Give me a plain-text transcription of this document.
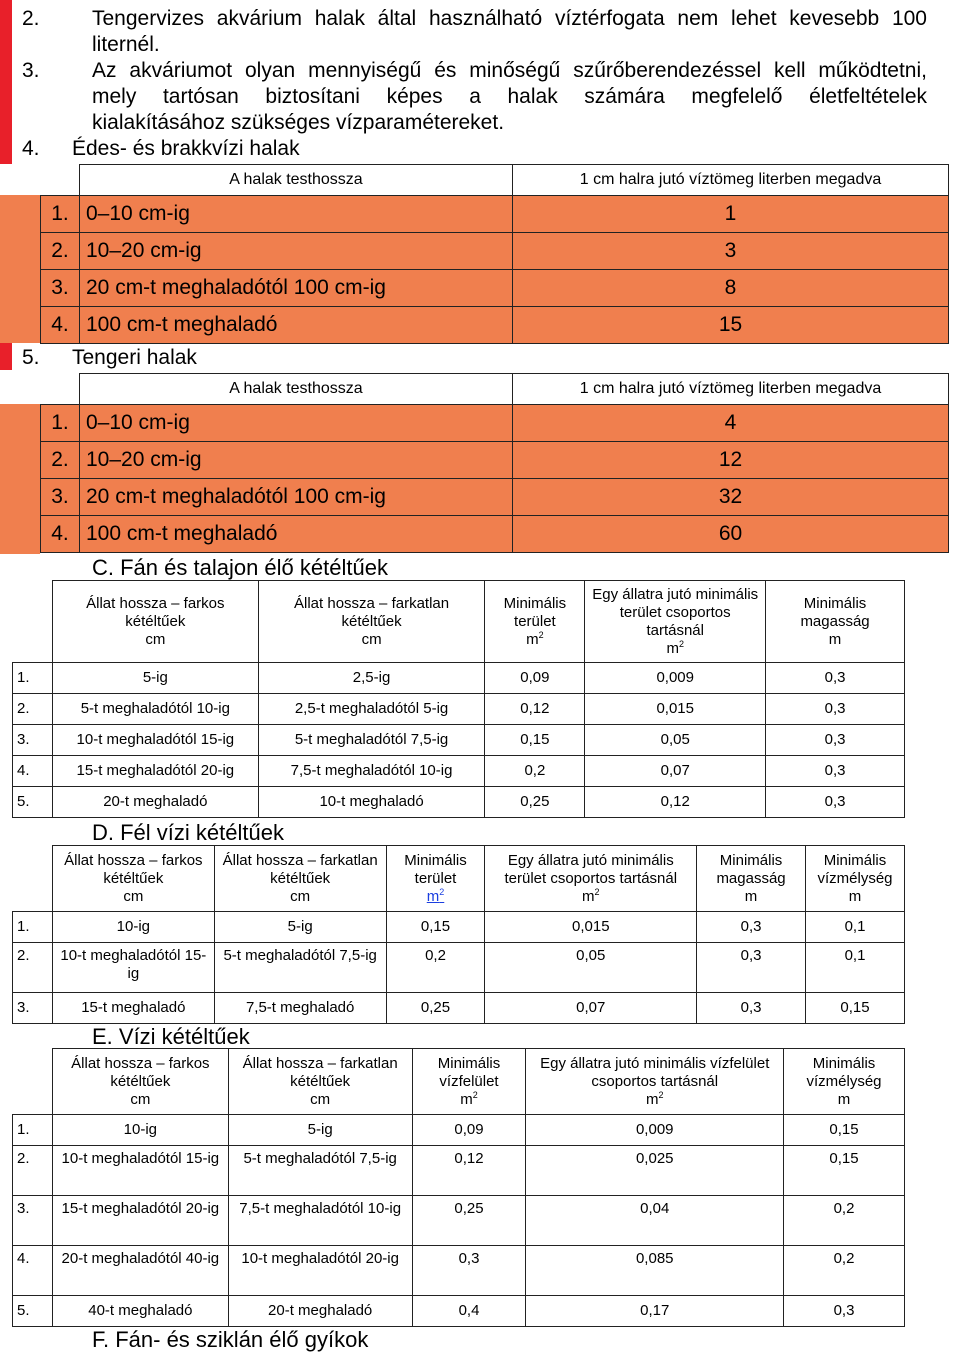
2. Tengervizes akvárium halak által használható víztérfogata nem lehet kevesebb 100
liternél.
3. Az akváriumot olyan mennyiségű és minőségű szűrőberendezéssel kell működtetni,
mely tartósan biztosítani képes a halak számára megfelelő életfeltételek
kialakításához szükséges vízparamétereket.
4. Édes- és brakkvízi halak
	A halak testhossza	1 cm halra jutó víztömeg literben megadva
1.	0–10 cm-ig	1
2.	10–20 cm-ig	3
3.	20 cm-t meghaladótól 100 cm-ig	8
4.	100 cm-t meghaladó	15
5. Tengeri halak
	A halak testhossza	1 cm halra jutó víztömeg literben megadva
1.	0–10 cm-ig	4
2.	10–20 cm-ig	12
3.	20 cm-t meghaladótól 100 cm-ig	32
4.	100 cm-t meghaladó	60
C. Fán és talajon élő kétéltűek
	Állat hossza – farkos
kétéltűek
cm	Állat hossza – farkatlan
kétéltűek
cm	Minimális
terület
$m^2$	Egy állatra jutó minimális
terület csoportos
tartásnál
$m^2$	Minimális
magasság
m
1.	5-ig	2,5-ig	0,09	0,009	0,3
2.	5-t meghaladótól 10-ig	2,5-t meghaladótól 5-ig	0,12	0,015	0,3
3.	10-t meghaladótól 15-ig	5-t meghaladótól 7,5-ig	0,15	0,05	0,3
4.	15-t meghaladótól 20-ig	7,5-t meghaladótól 10-ig	0,2	0,07	0,3
5.	20-t meghaladó	10-t meghaladó	0,25	0,12	0,3
D. Fél vízi kétéltűek
	Állat hossza – farkos
kétéltűek
cm	Állat hossza – farkatlan
kétéltűek
cm	Minimális
terület
$m^2$	Egy állatra jutó minimális
terület csoportos tartásnál
$m^2$	Minimális
magasság
m	Minimális
vízmélység
m
1.	10-ig	5-ig	0,15	0,015	0,3	0,1
2.	10-t meghaladótól 15-ig	5-t meghaladótól 7,5-ig	0,2	0,05	0,3	0,1
3.	15-t meghaladó	7,5-t meghaladó	0,25	0,07	0,3	0,15
E. Vízi kétéltűek
	Állat hossza – farkos
kétéltűek
cm	Állat hossza – farkatlan
kétéltűek
cm	Minimális
vízfelület
$m^2$	Egy állatra jutó minimális vízfelület
csoportos tartásnál
$m^2$	Minimális
vízmélység
m
1.	10-ig	5-ig	0,09	0,009	0,15
2.	10-t meghaladótól 15-ig	5-t meghaladótól 7,5-ig	0,12	0,025	0,15
3.	15-t meghaladótól 20-ig	7,5-t meghaladótól 10-ig	0,25	0,04	0,2
4.	20-t meghaladótól 40-ig	10-t meghaladótól 20-ig	0,3	0,085	0,2
5.	40-t meghaladó	20-t meghaladó	0,4	0,17	0,3
F. Fán- és sziklán élő gyíkok
